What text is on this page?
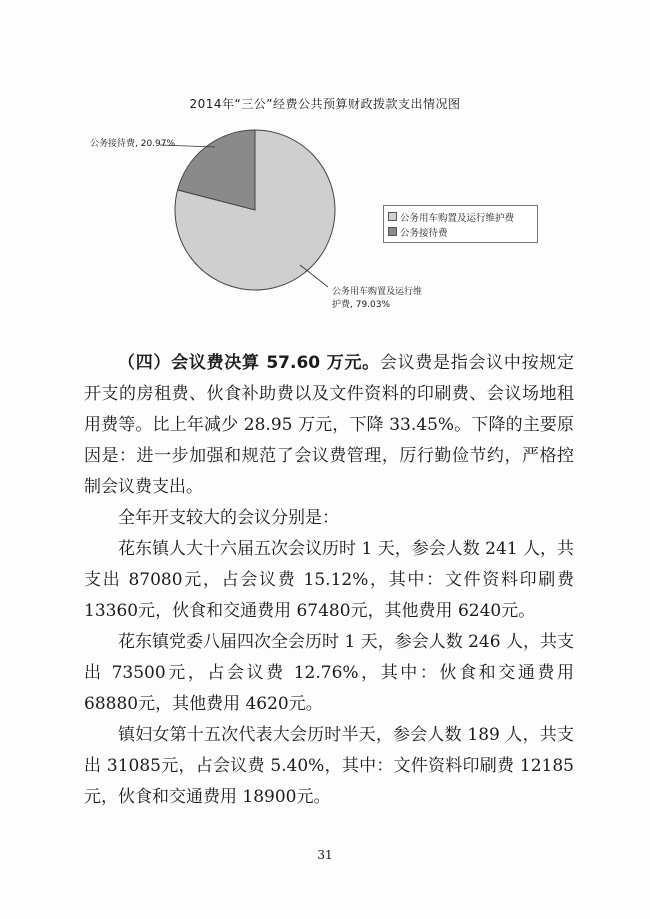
2014年“三公”经费公共预算财政拨款支出情况图
公务接待费, 20.97%
公务用车购置及运行维
护费, 79.03%
公务用车购置及运行维护费
公务接待费

（四）会议费决算 57.60 万元。会议费是指会议中按规定开支的房租费、伙食补助费以及文件资料的印刷费、会议场地租用费等。比上年减少 28.95 万元，下降 33.45%。下降的主要原因是：进一步加强和规范了会议费管理，厉行勤俭节约，严格控制会议费支出。

全年开支较大的会议分别是：

花东镇人大十六届五次会议历时 1 天，参会人数 241 人，共支出 87080元，占会议费 15.12%，其中：文件资料印刷费 13360元，伙食和交通费用 67480元，其他费用 6240元。

花东镇党委八届四次全会历时 1 天，参会人数 246 人，共支出 73500元，占会议费 12.76%，其中：伙食和交通费用 68880元，其他费用 4620元。

镇妇女第十五次代表大会历时半天，参会人数 189 人，共支出 31085元，占会议费 5.40%，其中：文件资料印刷费 12185元，伙食和交通费用 18900元。

31
